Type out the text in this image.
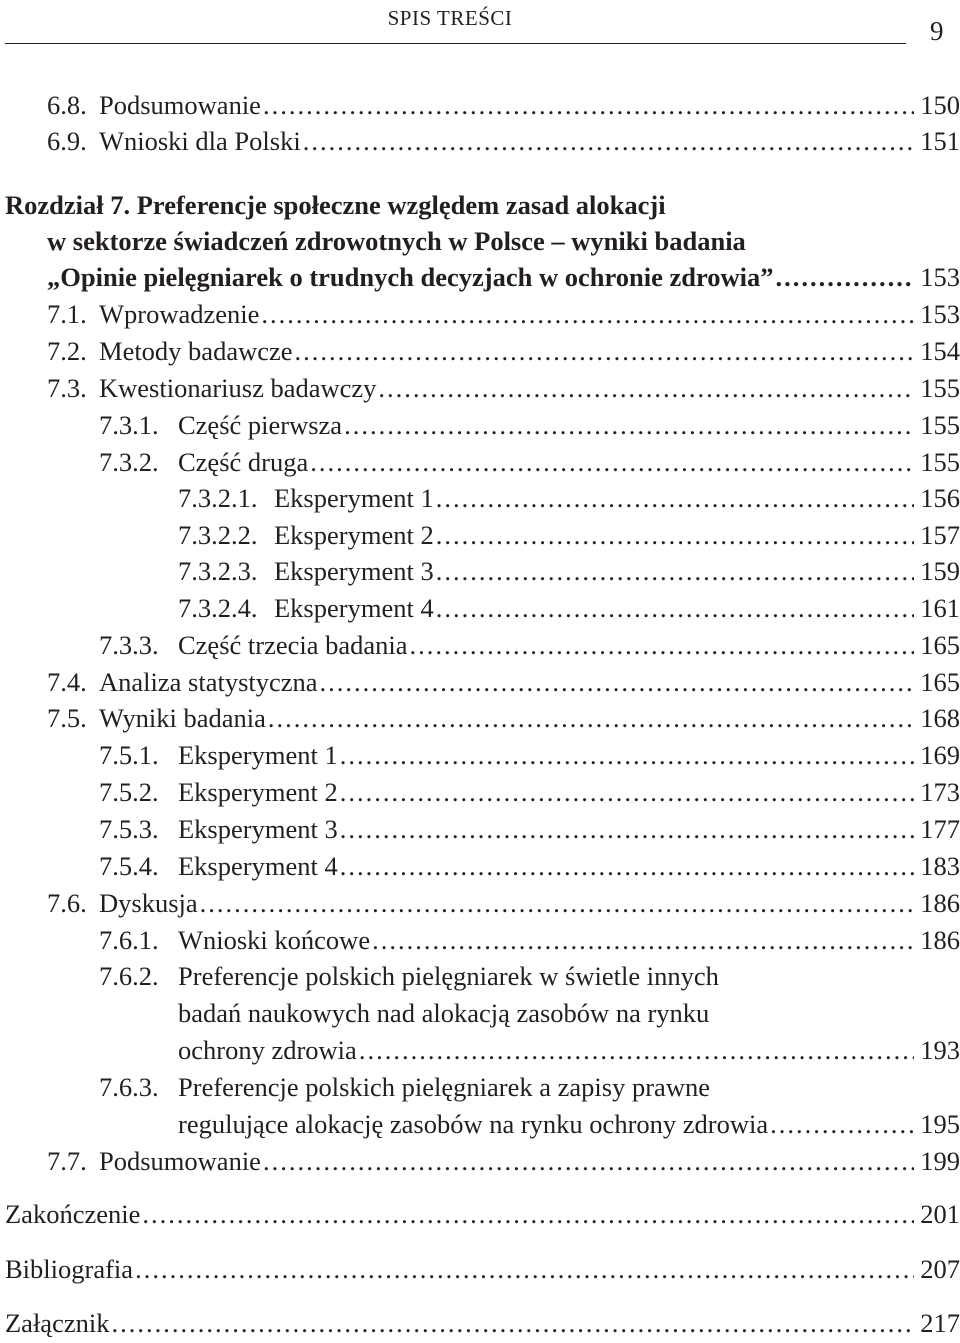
SPIS TREŚCI	9
6.8. Podsumowanie .....	150
6.9. Wnioski dla Polski .....	151
Rozdział 7. Preferencje społeczne względem zasad alokacji
w sektorze świadczeń zdrowotnych w Polsce – wyniki badania
„Opinie pielęgniarek o trudnych decyzjach w ochronie zdrowia” .....	153
7.1. Wprowadzenie .....	153
7.2. Metody badawcze .....	154
7.3. Kwestionariusz badawczy .....	155
7.3.1. Część pierwsza .....	155
7.3.2. Część druga .....	155
7.3.2.1. Eksperyment 1 .....	156
7.3.2.2. Eksperyment 2 .....	157
7.3.2.3. Eksperyment 3 .....	159
7.3.2.4. Eksperyment 4 .....	161
7.3.3. Część trzecia badania .....	165
7.4. Analiza statystyczna .....	165
7.5. Wyniki badania .....	168
7.5.1. Eksperyment 1 .....	169
7.5.2. Eksperyment 2 .....	173
7.5.3. Eksperyment 3 .....	177
7.5.4. Eksperyment 4 .....	183
7.6. Dyskusja .....	186
7.6.1. Wnioski końcowe .....	186
7.6.2. Preferencje polskich pielęgniarek w świetle innych
badań naukowych nad alokacją zasobów na rynku
ochrony zdrowia .....	193
7.6.3. Preferencje polskich pielęgniarek a zapisy prawne
regulujące alokację zasobów na rynku ochrony zdrowia .....	195
7.7. Podsumowanie .....	199
Zakończenie .....	201
Bibliografia .....	207
Załącznik .....	217
